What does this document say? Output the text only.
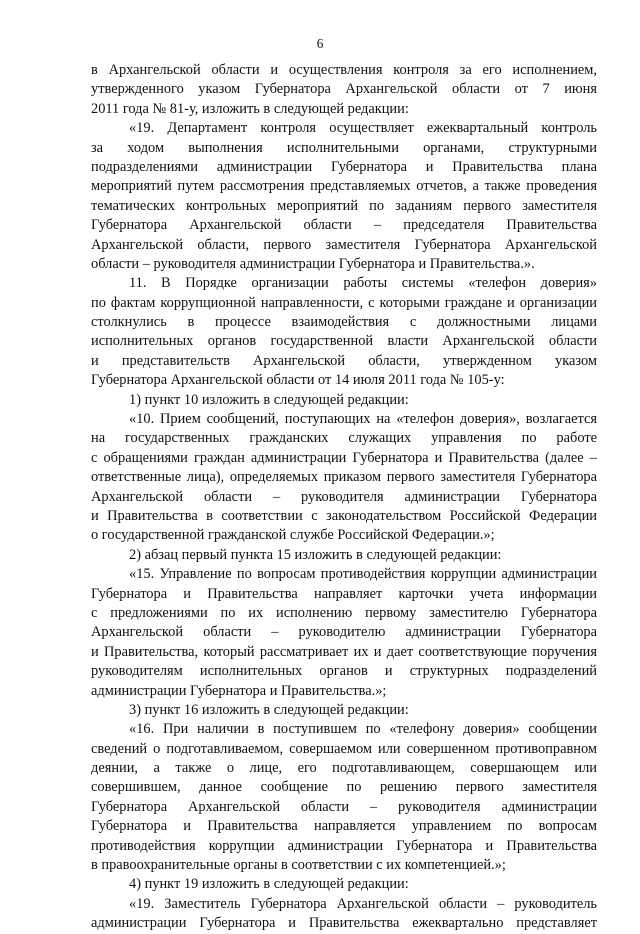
6
в Архангельской области и осуществления контроля за его исполнением,
утвержденного указом Губернатора Архангельской области от 7 июня
2011 года № 81-у, изложить в следующей редакции:
«19. Департамент контроля осуществляет ежеквартальный контроль
за ходом выполнения исполнительными органами, структурными
подразделениями администрации Губернатора и Правительства плана
мероприятий путем рассмотрения представляемых отчетов, а также проведения
тематических контрольных мероприятий по заданиям первого заместителя
Губернатора Архангельской области – председателя Правительства
Архангельской области, первого заместителя Губернатора Архангельской
области – руководителя администрации Губернатора и Правительства.».
11. В Порядке организации работы системы «телефон доверия»
по фактам коррупционной направленности, с которыми граждане и организации
столкнулись в процессе взаимодействия с должностными лицами
исполнительных органов государственной власти Архангельской области
и представительств Архангельской области, утвержденном указом
Губернатора Архангельской области от 14 июля 2011 года № 105-у:
1) пункт 10 изложить в следующей редакции:
«10. Прием сообщений, поступающих на «телефон доверия», возлагается
на государственных гражданских служащих управления по работе
с обращениями граждан администрации Губернатора и Правительства (далее –
ответственные лица), определяемых приказом первого заместителя Губернатора
Архангельской области – руководителя администрации Губернатора
и Правительства в соответствии с законодательством Российской Федерации
о государственной гражданской службе Российской Федерации.»;
2) абзац первый пункта 15 изложить в следующей редакции:
«15. Управление по вопросам противодействия коррупции администрации
Губернатора и Правительства направляет карточки учета информации
с предложениями по их исполнению первому заместителю Губернатора
Архангельской области – руководителю администрации Губернатора
и Правительства, который рассматривает их и дает соответствующие поручения
руководителям исполнительных органов и структурных подразделений
администрации Губернатора и Правительства.»;
3) пункт 16 изложить в следующей редакции:
«16. При наличии в поступившем по «телефону доверия» сообщении
сведений о подготавливаемом, совершаемом или совершенном противоправном
деянии, а также о лице, его подготавливающем, совершающем или
совершившем, данное сообщение по решению первого заместителя
Губернатора Архангельской области – руководителя администрации
Губернатора и Правительства направляется управлением по вопросам
противодействия коррупции администрации Губернатора и Правительства
в правоохранительные органы в соответствии с их компетенцией.»;
4) пункт 19 изложить в следующей редакции:
«19. Заместитель Губернатора Архангельской области – руководитель
администрации Губернатора и Правительства ежеквартально представляет
